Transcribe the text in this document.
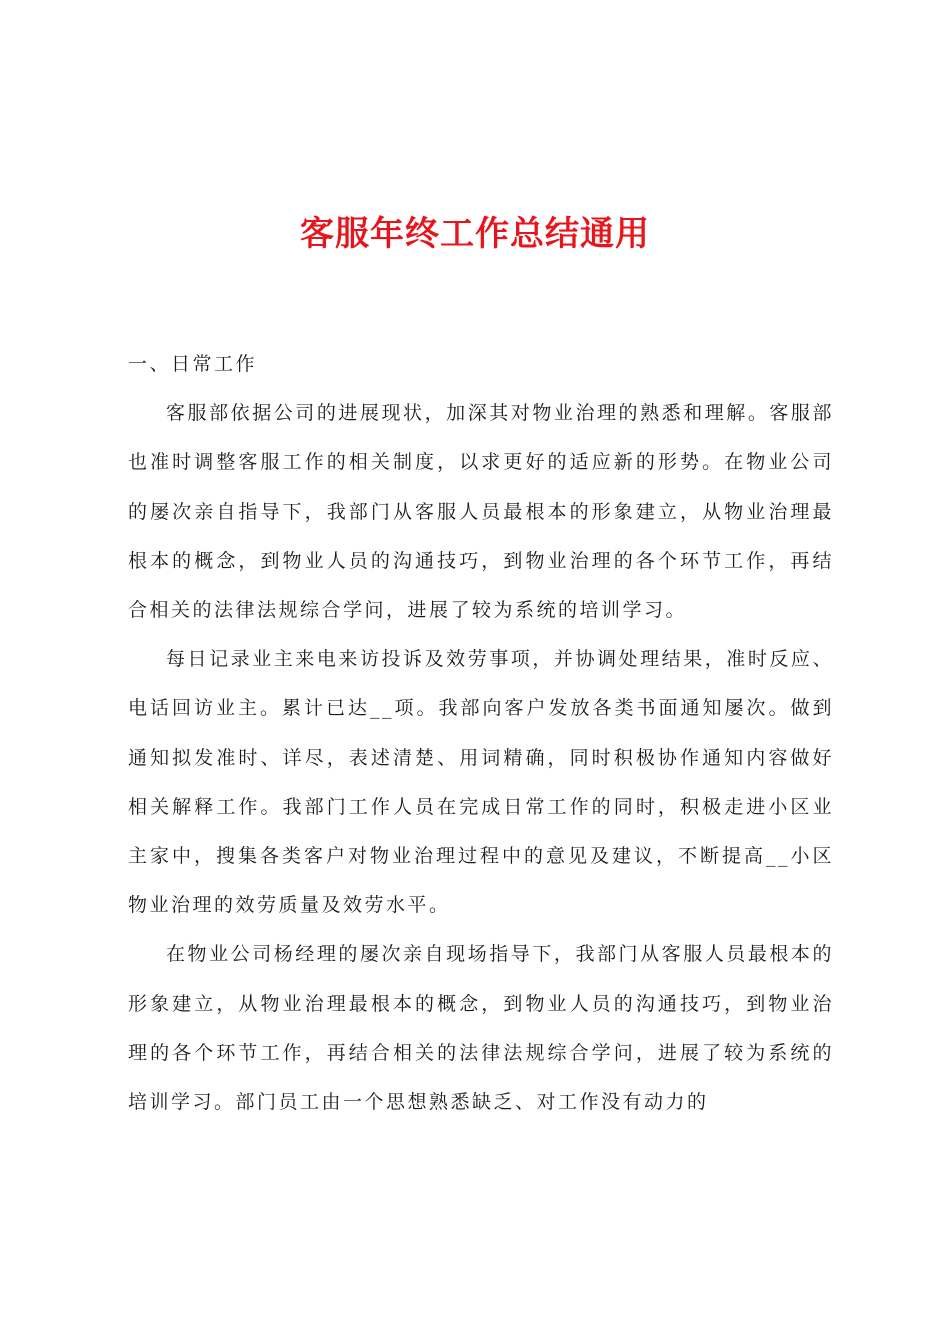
客服年终工作总结通用

一、日常工作

客服部依据公司的进展现状，加深其对物业治理的熟悉和理解。客服部也准时调整客服工作的相关制度，以求更好的适应新的形势。在物业公司的屡次亲自指导下，我部门从客服人员最根本的形象建立，从物业治理最根本的概念，到物业人员的沟通技巧，到物业治理的各个环节工作，再结合相关的法律法规综合学问，进展了较为系统的培训学习。

每日记录业主来电来访投诉及效劳事项，并协调处理结果，准时反应、电话回访业主。累计已达__项。我部向客户发放各类书面通知屡次。做到通知拟发准时、详尽，表述清楚、用词精确，同时积极协作通知内容做好相关解释工作。我部门工作人员在完成日常工作的同时，积极走进小区业主家中，搜集各类客户对物业治理过程中的意见及建议，不断提高__小区物业治理的效劳质量及效劳水平。

在物业公司杨经理的屡次亲自现场指导下，我部门从客服人员最根本的形象建立，从物业治理最根本的概念，到物业人员的沟通技巧，到物业治理的各个环节工作，再结合相关的法律法规综合学问，进展了较为系统的培训学习。部门员工由一个思想熟悉缺乏、对工作没有动力的
